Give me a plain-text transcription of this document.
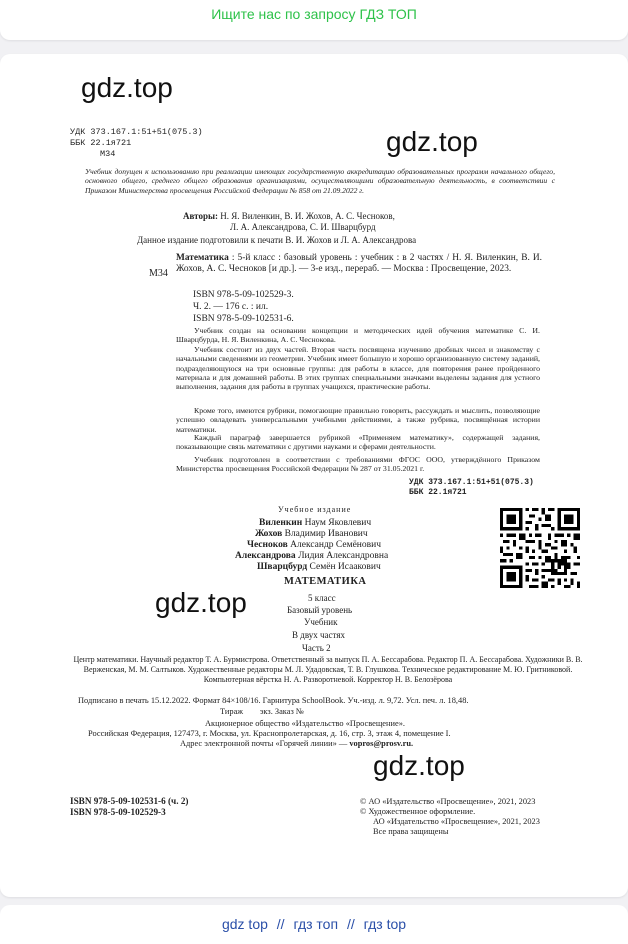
Ищите нас по запросу ГДЗ ТОП
gdz.top
gdz.top
gdz.top
gdz.top
УДК 373.167.1:51+51(075.3)
ББК 22.1я721
М34
Учебник допущен к использованию при реализации имеющих государственную аккредитацию образовательных программ начального общего, основного общего, среднего общего образования организациями, осуществляющими образовательную деятельность, в соответствии с Приказом Министерства просвещения Российской Федерации № 858 от 21.09.2022 г.
Авторы: Н. Я. Виленкин, В. И. Жохов, А. С. Чесноков,
Л. А. Александрова, С. И. Шварцбурд
Данное издание подготовили к печати В. И. Жохов и Л. А. Александрова
М34
Математика : 5-й класс : базовый уровень : учебник : в 2 частях / Н. Я. Виленкин, В. И. Жохов, А. С. Чесноков [и др.]. — 3-е изд., перераб. — Москва : Просвещение, 2023.
ISBN 978-5-09-102529-3.
Ч. 2. — 176 с. : ил.
ISBN 978-5-09-102531-6.
Учебник создан на основании концепции и методических идей обучения математике С. И. Шварцбурда, Н. Я. Виленкина, А. С. Чеснокова.
Учебник состоит из двух частей. Вторая часть посвящена изучению дробных чисел и знакомству с начальными сведениями из геометрии. Учебник имеет большую и хорошо организованную систему заданий, подразделяющуюся на три основные группы: для работы в классе, для повторения ранее пройденного материала и для домашней работы. В этих группах специальными значками выделены задания для устного выполнения, задания для работы в группах учащихся, практические работы.
Кроме того, имеются рубрики, помогающие правильно говорить, рассуждать и мыслить, позволяющие успешно овладевать универсальными учебными действиями, а также рубрика, посвящённая истории математики.
Каждый параграф завершается рубрикой «Применяем математику», содержащей задания, показывающие связь математики с другими науками и сферами деятельности.
Учебник подготовлен в соответствии с требованиями ФГОС ООО, утверждённого Приказом Министерства просвещения Российской Федерации № 287 от 31.05.2021 г.
УДК 373.167.1:51+51(075.3)
ББК 22.1я721
Учебное издание
Виленкин Наум Яковлевич
Жохов Владимир Иванович
Чесноков Александр Семёнович
Александрова Лидия Александровна
Шварцбурд Семён Исаакович
МАТЕМАТИКА
5 класс
Базовый уровень
Учебник
В двух частях
Часть 2
Центр математики. Научный редактор Т. А. Бурмистрова. Ответственный за выпуск П. А. Бессарабова. Редактор П. А. Бессарабова. Художники В. В. Верженская, М. М. Салтыков. Художественные редакторы М. Л. Удадовская, Т. В. Глушкова. Техническое редактирование М. Ю. Гритниковой. Компьютерная вёрстка Н. А. Разворотневой. Корректор Н. В. Белозёрова
Подписано в печать 15.12.2022. Формат 84×108/16. Гарнитура SchoolBook. Уч.-изд. л. 9,72. Усл. печ. л. 18,48.
Тираж        экз. Заказ №
Акционерное общество «Издательство «Просвещение».
Российская Федерация, 127473, г. Москва, ул. Краснопролетарская, д. 16, стр. 3, этаж 4, помещение I.
Адрес электронной почты «Горячей линии» — vopros@prosv.ru.
ISBN 978-5-09-102531-6 (ч. 2)
ISBN 978-5-09-102529-3
© АО «Издательство «Просвещение», 2021, 2023
© Художественное оформление.
АО «Издательство «Просвещение», 2021, 2023
Все права защищены
gdz top // гдз топ // гдз top
